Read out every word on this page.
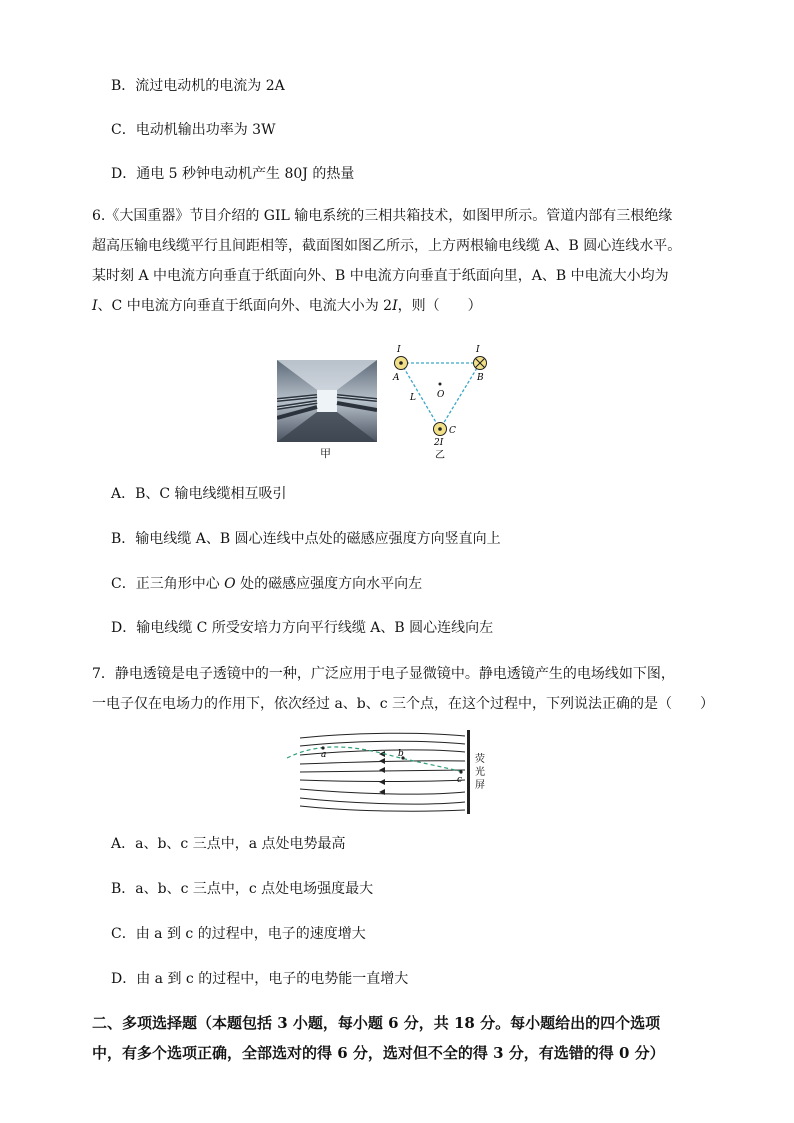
B．流过电动机的电流为 2A
C．电动机输出功率为 3W
D．通电 5 秒钟电动机产生 80J 的热量
6.《大国重器》节目介绍的 GIL 输电系统的三相共箱技术，如图甲所示。管道内部有三根绝缘
超高压输电线缆平行且间距相等，截面图如图乙所示，上方两根输电线缆 A、B 圆心连线水平。
某时刻 A 中电流方向垂直于纸面向外、B 中电流方向垂直于纸面向里，A、B 中电流大小均为
I、C 中电流方向垂直于纸面向外、电流大小为 2I，则（　　）
甲
I	I
A	B
O
L
C
2I
乙
A．B、C 输电线缆相互吸引
B．输电线缆 A、B 圆心连线中点处的磁感应强度方向竖直向上
C．正三角形中心 O 处的磁感应强度方向水平向左
D．输电线缆 C 所受安培力方向平行线缆 A、B 圆心连线向左
7．静电透镜是电子透镜中的一种，广泛应用于电子显微镜中。静电透镜产生的电场线如下图，
一电子仅在电场力的作用下，依次经过 a、b、c 三个点，在这个过程中，下列说法正确的是（　　）
a	b
c
荧
光
屏
A．a、b、c 三点中，a 点处电势最高
B．a、b、c 三点中，c 点处电场强度最大
C．由 a 到 c 的过程中，电子的速度增大
D．由 a 到 c 的过程中，电子的电势能一直增大
二、多项选择题（本题包括 3 小题，每小题 6 分，共 18 分。每小题给出的四个选项
中，有多个选项正确，全部选对的得 6 分，选对但不全的得 3 分，有选错的得 0 分）
